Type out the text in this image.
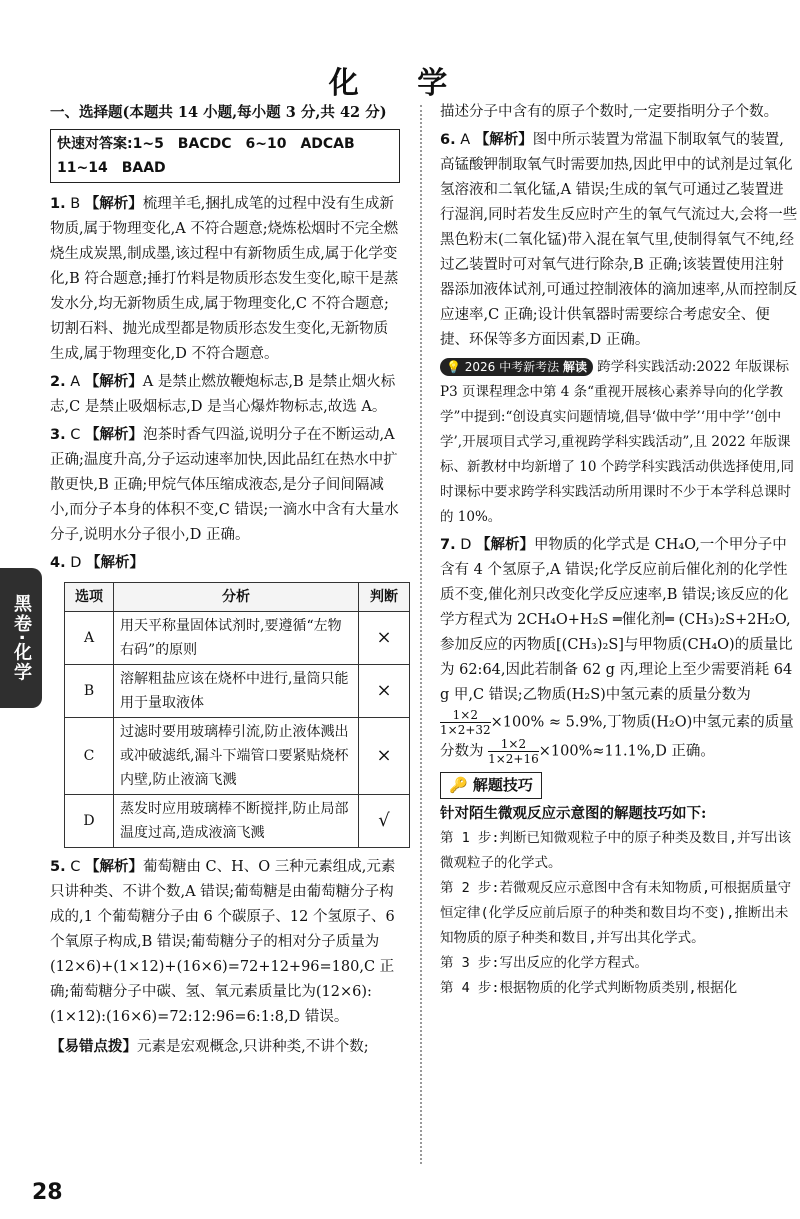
化 学
黑卷·化学
一、选择题(本题共 14 小题,每小题 3 分,共 42 分)
快速对答案:1~5　BACDC　6~10　ADCAB
11~14　BAAD
1. B 【解析】梳理羊毛,捆扎成笔的过程中没有生成新物质,属于物理变化,A 不符合题意;烧炼松烟时不完全燃烧生成炭黑,制成墨,该过程中有新物质生成,属于化学变化,B 符合题意;捶打竹料是物质形态发生变化,晾干是蒸发水分,均无新物质生成,属于物理变化,C 不符合题意;切割石料、抛光成型都是物质形态发生变化,无新物质生成,属于物理变化,D 不符合题意。
2. A 【解析】A 是禁止燃放鞭炮标志,B 是禁止烟火标志,C 是禁止吸烟标志,D 是当心爆炸物标志,故选 A。
3. C 【解析】泡茶时香气四溢,说明分子在不断运动,A 正确;温度升高,分子运动速率加快,因此品红在热水中扩散更快,B 正确;甲烷气体压缩成液态,是分子间间隔减小,而分子本身的体积不变,C 错误;一滴水中含有大量水分子,说明水分子很小,D 正确。
4. D 【解析】
选项	分析	判断
A	用天平称量固体试剂时,要遵循“左物右码”的原则	×
B	溶解粗盐应该在烧杯中进行,量筒只能用于量取液体	×
C	过滤时要用玻璃棒引流,防止液体溅出或冲破滤纸,漏斗下端管口要紧贴烧杯内壁,防止液滴飞溅	×
D	蒸发时应用玻璃棒不断搅拌,防止局部温度过高,造成液滴飞溅	√
5. C 【解析】葡萄糖由 C、H、O 三种元素组成,元素只讲种类、不讲个数,A 错误;葡萄糖是由葡萄糖分子构成的,1 个葡萄糖分子由 6 个碳原子、12 个氢原子、6 个氧原子构成,B 错误;葡萄糖分子的相对分子质量为(12×6)+(1×12)+(16×6)=72+12+96=180,C 正确;葡萄糖分子中碳、氢、氧元素质量比为(12×6):(1×12):(16×6)=72:12:96=6:1:8,D 错误。
【易错点拨】元素是宏观概念,只讲种类,不讲个数;
描述分子中含有的原子个数时,一定要指明分子个数。
6. A 【解析】图中所示装置为常温下制取氧气的装置,高锰酸钾制取氧气时需要加热,因此甲中的试剂是过氧化氢溶液和二氧化锰,A 错误;生成的氧气可通过乙装置进行湿润,同时若发生反应时产生的氧气气流过大,会将一些黑色粉末(二氧化锰)带入混在氧气里,使制得氧气不纯,经过乙装置时可对氧气进行除杂,B 正确;该装置使用注射器添加液体试剂,可通过控制液体的滴加速率,从而控制反应速率,C 正确;设计供氧器时需要综合考虑安全、便捷、环保等多方面因素,D 正确。
💡 2026 中考新考法 解读 跨学科实践活动:2022 年版课标 P3 页课程理念中第 4 条“重视开展核心素养导向的化学教学”中提到:“创设真实问题情境,倡导‘做中学’‘用中学’‘创中学’,开展项目式学习,重视跨学科实践活动”,且 2022 年版课标、新教材中均新增了 10 个跨学科实践活动供选择使用,同时课标中要求跨学科实践活动所用课时不少于本学科总课时的 10%。
7. D 【解析】甲物质的化学式是 CH₄O,一个甲分子中含有 4 个氢原子,A 错误;化学反应前后催化剂的化学性质不变,催化剂只改变化学反应速率,B 错误;该反应的化学方程式为 2CH₄O+H₂S ═催化剂═ (CH₃)₂S+2H₂O,参加反应的丙物质[(CH₃)₂S]与甲物质(CH₄O)的质量比为 62:64,因此若制备 62 g 丙,理论上至少需要消耗 64 g 甲,C 错误;乙物质(H₂S)中氢元素的质量分数为
$\frac{1\times 2}{1\times 2+32} \times 100\% \approx 5.9\%$,丁物质(H₂O)中氢元素的质量分数为 $\frac{1\times 2}{1\times 2+16} \times 100\%\approx 11.1\%,D$ 正确。
🔑 解题技巧
针对陌生微观反应示意图的解题技巧如下:
第 1 步:判断已知微观粒子中的原子种类及数目,并写出该微观粒子的化学式。
第 2 步:若微观反应示意图中含有未知物质,可根据质量守恒定律(化学反应前后原子的种类和数目均不变),推断出未知物质的原子种类和数目,并写出其化学式。
第 3 步:写出反应的化学方程式。
第 4 步:根据物质的化学式判断物质类别,根据化
28
